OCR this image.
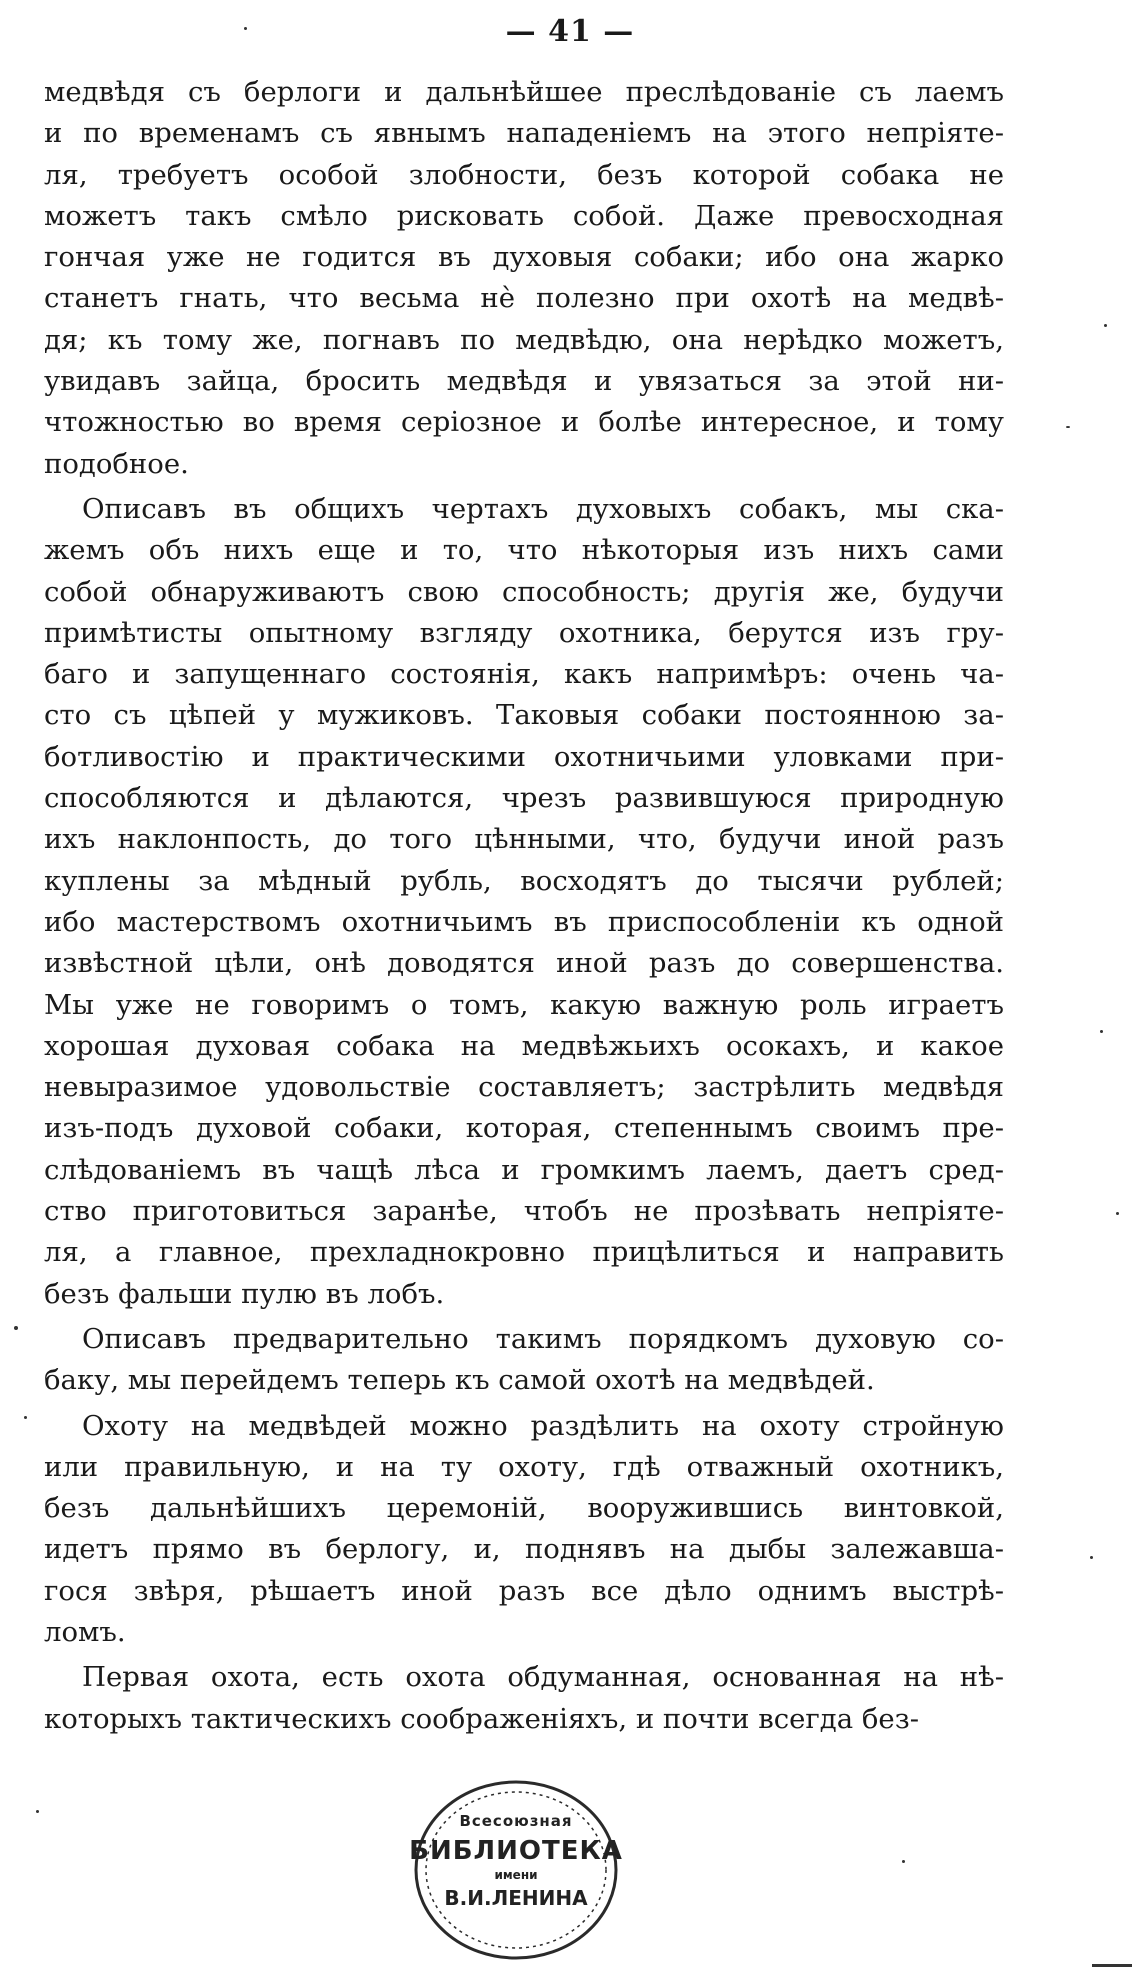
— 41 —

медвѣдя съ берлоги и дальнѣйшее преслѣдованіе съ лаемъ
и по временамъ съ явнымъ нападеніемъ на этого непріяте-
ля, требуетъ особой злобности, безъ которой собака не
можетъ такъ смѣло рисковать собой. Даже превосходная
гончая уже не годится въ духовыя собаки; ибо она жарко
станетъ гнать, что весьма нѐ полезно при охотѣ на медвѣ-
дя; къ тому же, погнавъ по медвѣдю, она нерѣдко можетъ,
увидавъ зайца, бросить медвѣдя и увязаться за этой ни-
чтожностью во время серіозное и болѣе интересное, и тому
подобное.

Описавъ въ общихъ чертахъ духовыхъ собакъ, мы ска-
жемъ объ нихъ еще и то, что нѣкоторыя изъ нихъ сами
собой обнаруживаютъ свою способность; другія же, будучи
примѣтисты опытному взгляду охотника, берутся изъ гру-
баго и запущеннаго состоянія, какъ напримѣръ: очень ча-
сто съ цѣпей у мужиковъ. Таковыя собаки постоянною за-
ботливостію и практическими охотничьими уловками при-
способляются и дѣлаются, чрезъ развившуюся природную
ихъ наклонпость, до того цѣнными, что, будучи иной разъ
куплены за мѣдный рубль, восходятъ до тысячи рублей;
ибо мастерствомъ охотничьимъ въ приспособленіи къ одной
извѣстной цѣли, онѣ доводятся иной разъ до совершенства.
Мы уже не говоримъ о томъ, какую важную роль играетъ
хорошая духовая собака на медвѣжьихъ осокахъ, и какое
невыразимое удовольствіе составляетъ; застрѣлить медвѣдя
изъ-подъ духовой собаки, которая, степеннымъ своимъ пре-
слѣдованіемъ въ чащѣ лѣса и громкимъ лаемъ, даетъ сред-
ство приготовиться заранѣе, чтобъ не прозѣвать непріяте-
ля, а главное, прехладнокровно прицѣлиться и направить
безъ фальши пулю въ лобъ.

Описавъ предварительно такимъ порядкомъ духовую со-
баку, мы перейдемъ теперь къ самой охотѣ на медвѣдей.

Охоту на медвѣдей можно раздѣлить на охоту стройную
или правильную, и на ту охоту, гдѣ отважный охотникъ,
безъ дальнѣйшихъ церемоній, вооружившись винтовкой,
идетъ прямо въ берлогу, и, поднявъ на дыбы залежавша-
гося звѣря, рѣшаетъ иной разъ все дѣло однимъ выстрѣ-
ломъ.

Первая охота, есть охота обдуманная, основанная на нѣ-
которыхъ тактическихъ соображеніяхъ, и почти всегда без-

Всесоюзная
БИБЛИОТЕКА
имени
В.И.ЛЕНИНА
